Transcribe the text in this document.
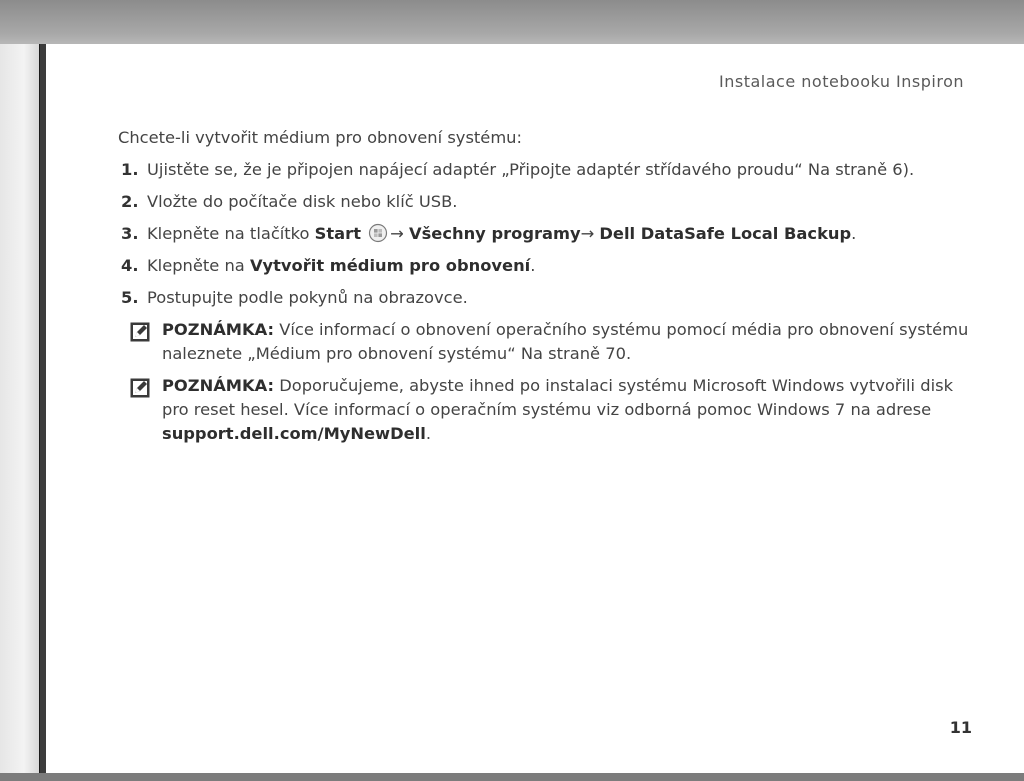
Instalace notebooku Inspiron

Chcete-li vytvořit médium pro obnovení systému:

1. Ujistěte se, že je připojen napájecí adaptér „Připojte adaptér střídavého proudu“ Na straně 6).
2. Vložte do počítače disk nebo klíč USB.
3. Klepněte na tlačítko Start → Všechny programy→ Dell DataSafe Local Backup.
4. Klepněte na Vytvořit médium pro obnovení.
5. Postupujte podle pokynů na obrazovce.
POZNÁMKA: Více informací o obnovení operačního systému pomocí média pro obnovení systému naleznete „Médium pro obnovení systému“ Na straně 70.
POZNÁMKA: Doporučujeme, abyste ihned po instalaci systému Microsoft Windows vytvořili disk pro reset hesel. Více informací o operačním systému viz odborná pomoc Windows 7 na adrese support.dell.com/MyNewDell.
11
